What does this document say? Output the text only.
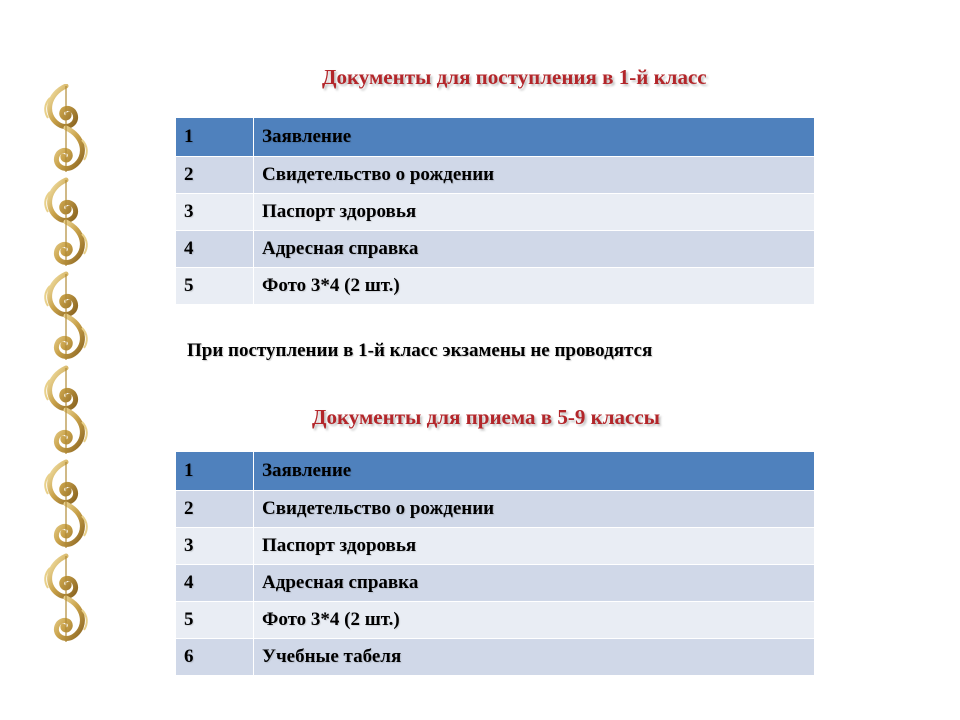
Документы для поступления в 1-й класс
1	Заявление
2	Свидетельство о рождении
3	Паспорт здоровья
4	Адресная справка
5	Фото 3*4 (2 шт.)
При поступлении в 1-й класс экзамены не проводятся
Документы для приема в 5-9 классы
1	Заявление
2	Свидетельство о рождении
3	Паспорт здоровья
4	Адресная справка
5	Фото 3*4 (2 шт.)
6	Учебные табеля
